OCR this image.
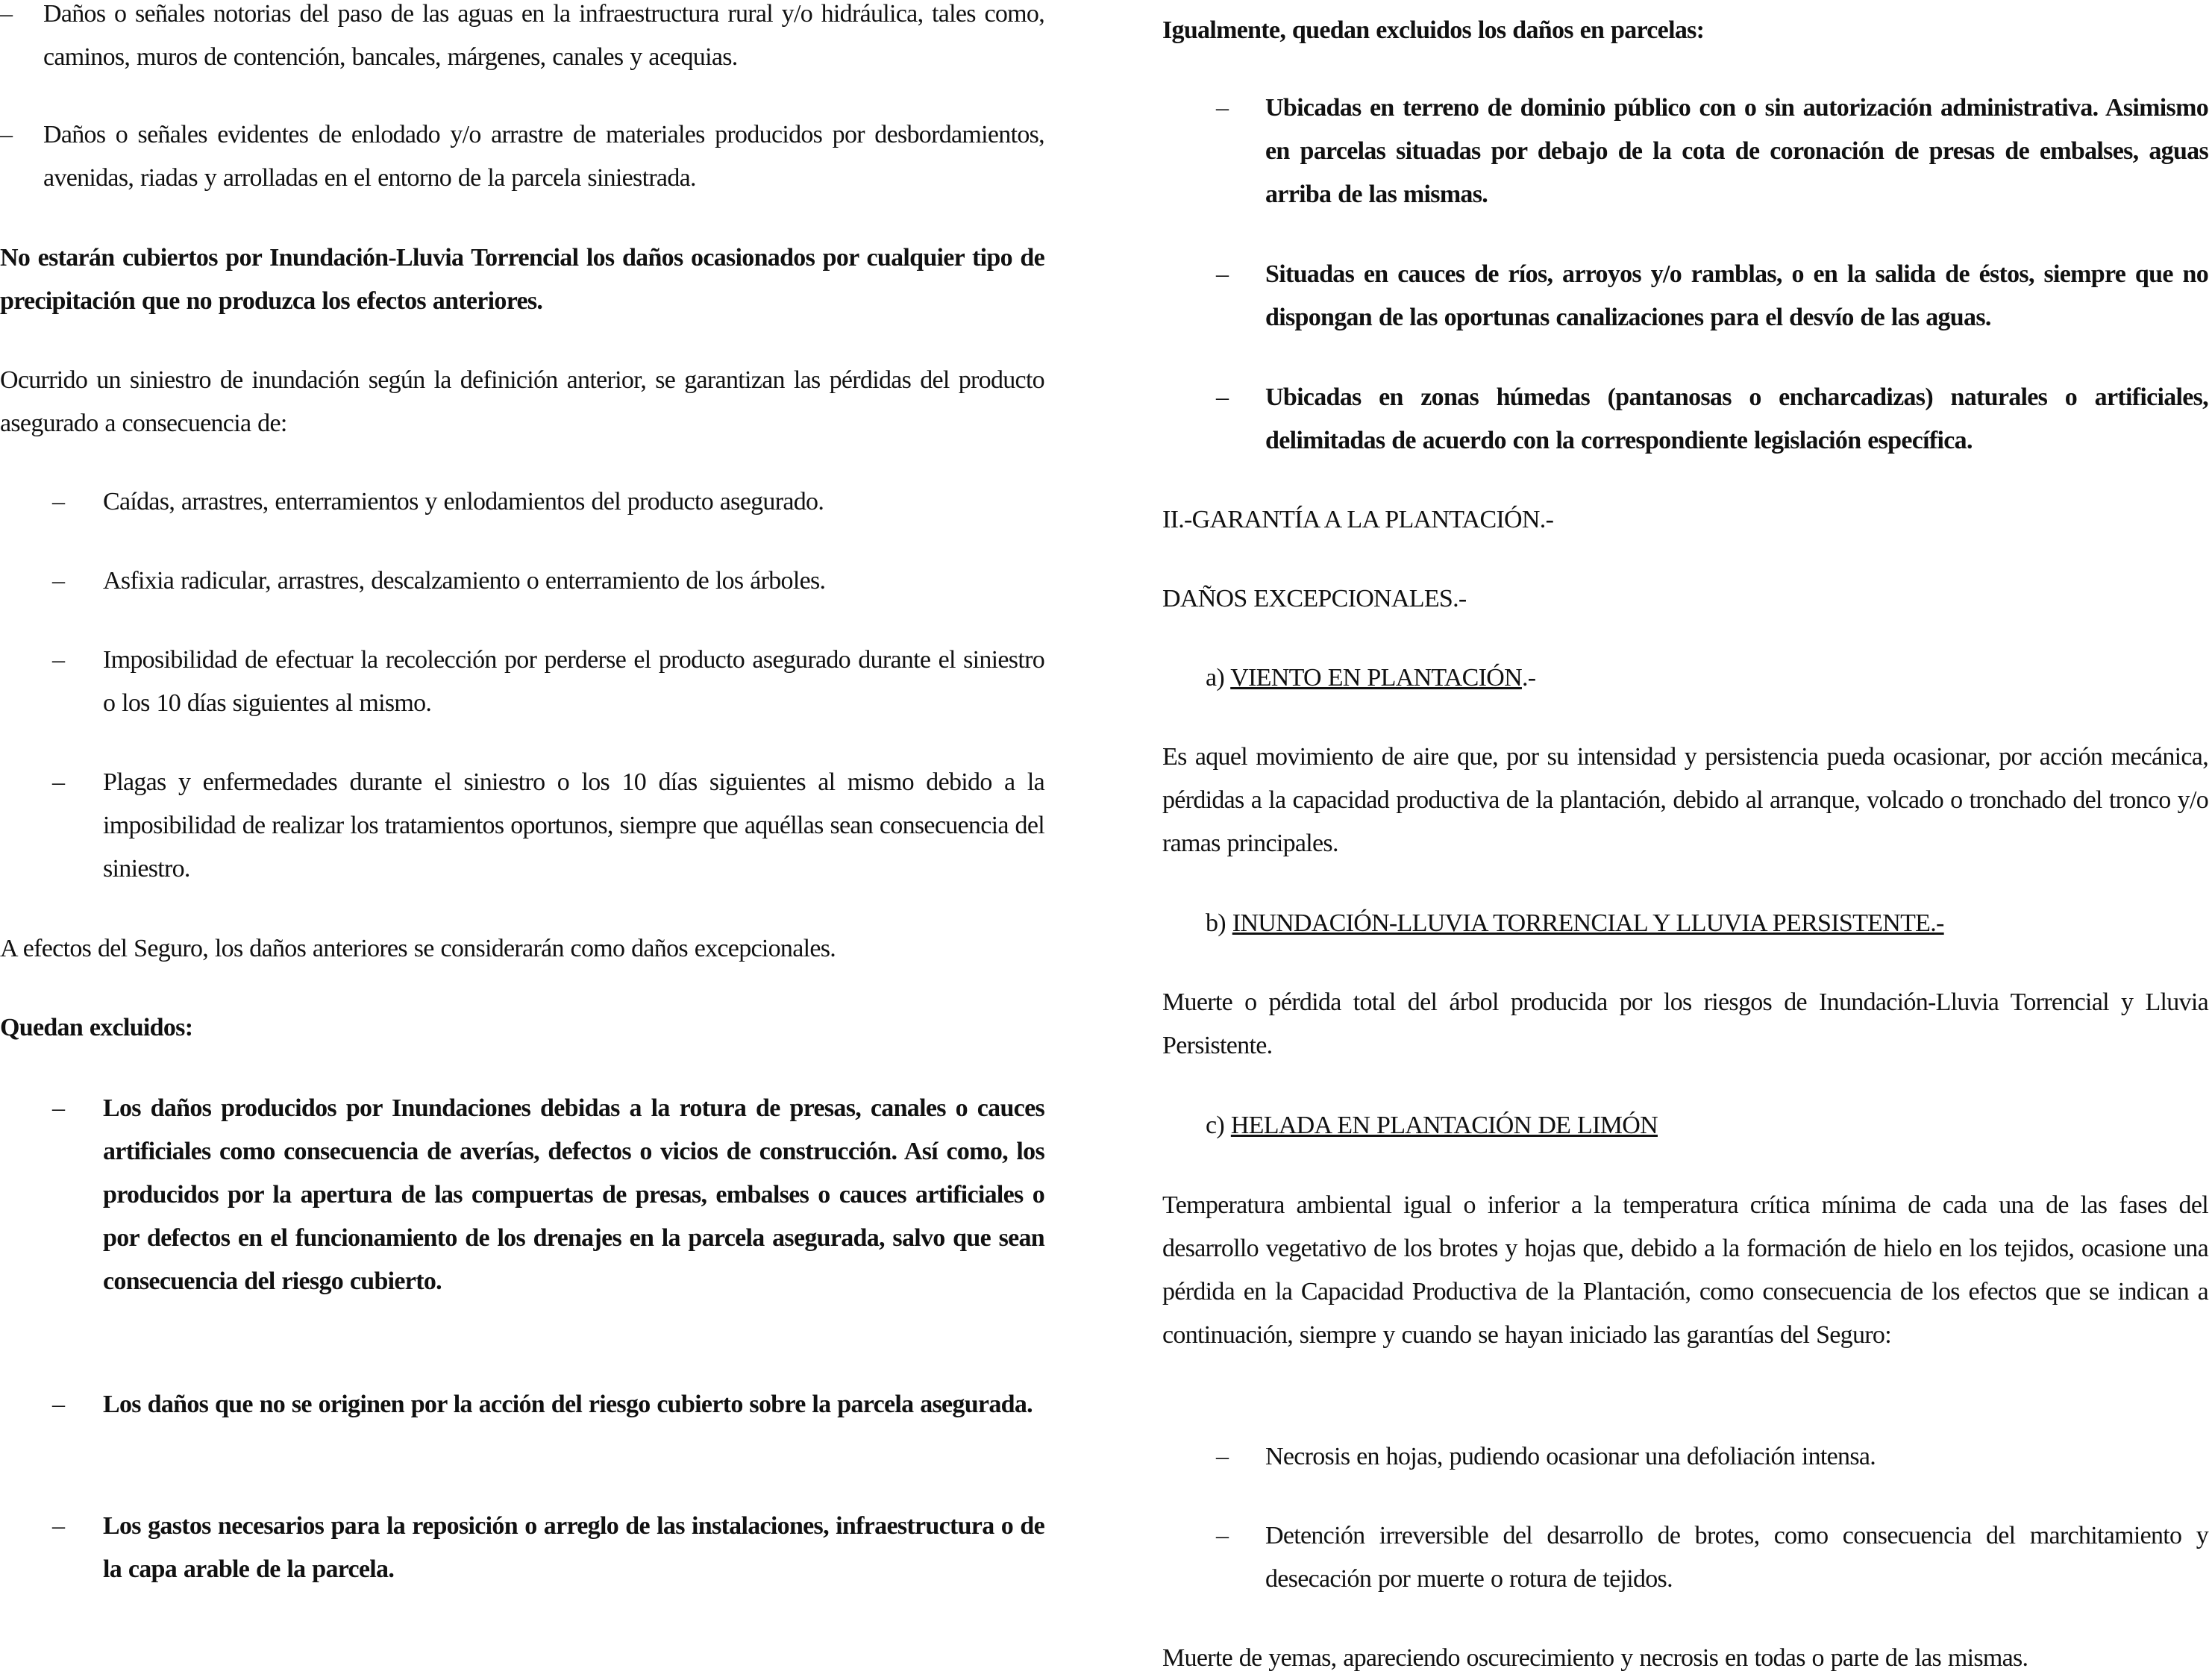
– Daños o señales notorias del paso de las aguas en la infraestructura rural y/o hidráulica, tales como, caminos, muros de contención, bancales, márgenes, canales y acequias.
– Daños o señales evidentes de enlodado y/o arrastre de materiales producidos por desbordamientos, avenidas, riadas y arrolladas en el entorno de la parcela siniestrada.
No estarán cubiertos por Inundación-Lluvia Torrencial los daños ocasionados por cualquier tipo de precipitación que no produzca los efectos anteriores.
Ocurrido un siniestro de inundación según la definición anterior, se garantizan las pérdidas del producto asegurado a consecuencia de:
– Caídas, arrastres, enterramientos y enlodamientos del producto asegurado.
– Asfixia radicular, arrastres, descalzamiento o enterramiento de los árboles.
– Imposibilidad de efectuar la recolección por perderse el producto asegurado durante el siniestro o los 10 días siguientes al mismo.
– Plagas y enfermedades durante el siniestro o los 10 días siguientes al mismo debido a la imposibilidad de realizar los tratamientos oportunos, siempre que aquéllas sean consecuencia del siniestro.
A efectos del Seguro, los daños anteriores se considerarán como daños excepcionales.
Quedan excluidos:
– Los daños producidos por Inundaciones debidas a la rotura de presas, canales o cauces artificiales como consecuencia de averías, defectos o vicios de construcción. Así como, los producidos por la apertura de las compuertas de presas, embalses o cauces artificiales o por defectos en el funcionamiento de los drenajes en la parcela asegurada, salvo que sean consecuencia del riesgo cubierto.
– Los daños que no se originen por la acción del riesgo cubierto sobre la parcela asegurada.
– Los gastos necesarios para la reposición o arreglo de las instalaciones, infraestructura o de la capa arable de la parcela.
Igualmente, quedan excluidos los daños en parcelas:
– Ubicadas en terreno de dominio público con o sin autorización administrativa. Asimismo en parcelas situadas por debajo de la cota de coronación de presas de embalses, aguas arriba de las mismas.
– Situadas en cauces de ríos, arroyos y/o ramblas, o en la salida de éstos, siempre que no dispongan de las oportunas canalizaciones para el desvío de las aguas.
– Ubicadas en zonas húmedas (pantanosas o encharcadizas) naturales o artificiales, delimitadas de acuerdo con la correspondiente legislación específica.
II.-GARANTÍA A LA PLANTACIÓN.-
DAÑOS EXCEPCIONALES.-
a) VIENTO EN PLANTACIÓN.-
Es aquel movimiento de aire que, por su intensidad y persistencia pueda ocasionar, por acción mecánica, pérdidas a la capacidad productiva de la plantación, debido al arranque, volcado o tronchado del tronco y/o ramas principales.
b) INUNDACIÓN-LLUVIA TORRENCIAL Y LLUVIA PERSISTENTE.-
Muerte o pérdida total del árbol producida por los riesgos de Inundación-Lluvia Torrencial y Lluvia Persistente.
c) HELADA EN PLANTACIÓN DE LIMÓN
Temperatura ambiental igual o inferior a la temperatura crítica mínima de cada una de las fases del desarrollo vegetativo de los brotes y hojas que, debido a la formación de hielo en los tejidos, ocasione una pérdida en la Capacidad Productiva de la Plantación, como consecuencia de los efectos que se indican a continuación, siempre y cuando se hayan iniciado las garantías del Seguro:
– Necrosis en hojas, pudiendo ocasionar una defoliación intensa.
– Detención irreversible del desarrollo de brotes, como consecuencia del marchitamiento y desecación por muerte o rotura de tejidos.
Muerte de yemas, apareciendo oscurecimiento y necrosis en todas o parte de las mismas.
